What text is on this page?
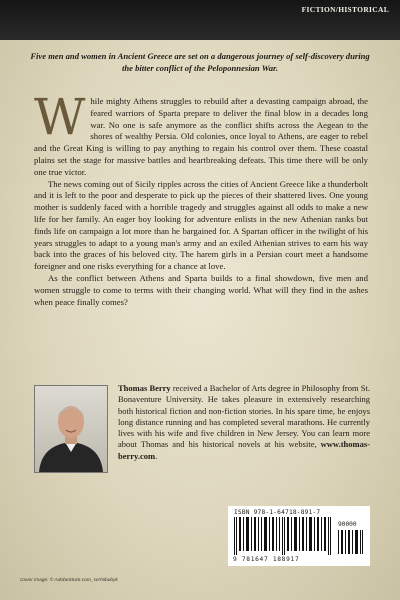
FICTION/HISTORICAL
Five men and women in Ancient Greece are set on a dangerous journey of self-discovery during the bitter conflict of the Peloponnesian War.

While mighty Athens struggles to rebuild after a devasting campaign abroad, the feared warriors of Sparta prepare to deliver the final blow in a decades long war. No one is safe anymore as the conflict shifts across the Aegean to the shores of wealthy Persia. Old colonies, once loyal to Athens, are eager to rebel and the Great King is willing to pay anything to regain his control over them. These coastal plains set the stage for massive battles and heartbreaking defeats. This time there will be only one true victor.

The news coming out of Sicily ripples across the cities of Ancient Greece like a thunderbolt and it is left to the poor and desperate to pick up the pieces of their shattered lives. One young mother is suddenly faced with a horrible tragedy and struggles against all odds to make a new life for her family. An eager boy looking for adventure enlists in the new Athenian ranks but finds life on campaign a lot more than he bargained for. A Spartan officer in the twilight of his years struggles to adapt to a young man's army and an exiled Athenian strives to earn his way back into the graces of his beloved city. The harem girls in a Persian court meet a handsome foreigner and one risks everything for a chance at love.

As the conflict between Athens and Sparta builds to a final showdown, five men and women struggle to come to terms with their changing world. What will they find in the ashes when peace finally comes?

Thomas Berry received a Bachelor of Arts degree in Philosophy from St. Bonaventure University. He takes pleasure in extensively researching both historical fiction and non-fiction stories. In his spare time, he enjoys long distance running and has completed several marathons. He currently lives with his wife and five children in New Jersey. You can learn more about Thomas and his historical novels at his website, www.thomas-berry.com.
ISBN 978-1-64718-891-7
90000
9 781647 188917
Cover image: © AdobeStock.com_serhiibobyk
